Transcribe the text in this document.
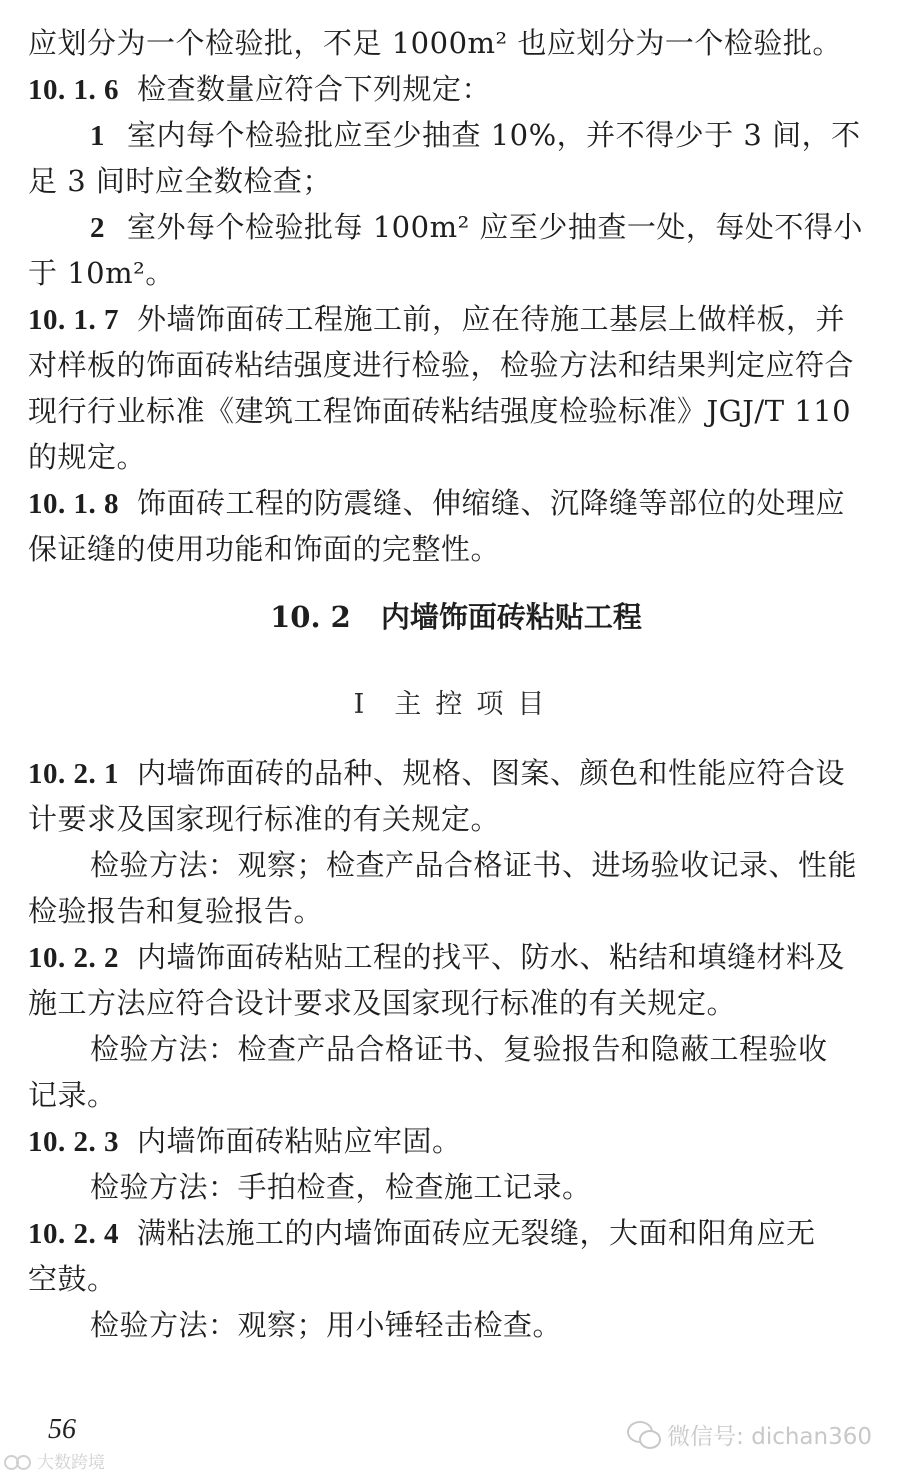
应划分为一个检验批，不足 1000m² 也应划分为一个检验批。
10. 1. 6 检查数量应符合下列规定：
1 室内每个检验批应至少抽查 10%，并不得少于 3 间，不
足 3 间时应全数检查；
2 室外每个检验批每 100m² 应至少抽查一处，每处不得小
于 10m²。
10. 1. 7 外墙饰面砖工程施工前，应在待施工基层上做样板，并
对样板的饰面砖粘结强度进行检验，检验方法和结果判定应符合
现行行业标准《建筑工程饰面砖粘结强度检验标准》JGJ/T 110
的规定。
10. 1. 8 饰面砖工程的防震缝、伸缩缝、沉降缝等部位的处理应
保证缝的使用功能和饰面的完整性。
10. 2 内墙饰面砖粘贴工程
Ⅰ 主控项目
10. 2. 1 内墙饰面砖的品种、规格、图案、颜色和性能应符合设
计要求及国家现行标准的有关规定。
检验方法：观察；检查产品合格证书、进场验收记录、性能
检验报告和复验报告。
10. 2. 2 内墙饰面砖粘贴工程的找平、防水、粘结和填缝材料及
施工方法应符合设计要求及国家现行标准的有关规定。
检验方法：检查产品合格证书、复验报告和隐蔽工程验收
记录。
10. 2. 3 内墙饰面砖粘贴应牢固。
检验方法：手拍检查，检查施工记录。
10. 2. 4 满粘法施工的内墙饰面砖应无裂缝，大面和阳角应无
空鼓。
检验方法：观察；用小锤轻击检查。
56	微信号: dichan360
大数跨境
